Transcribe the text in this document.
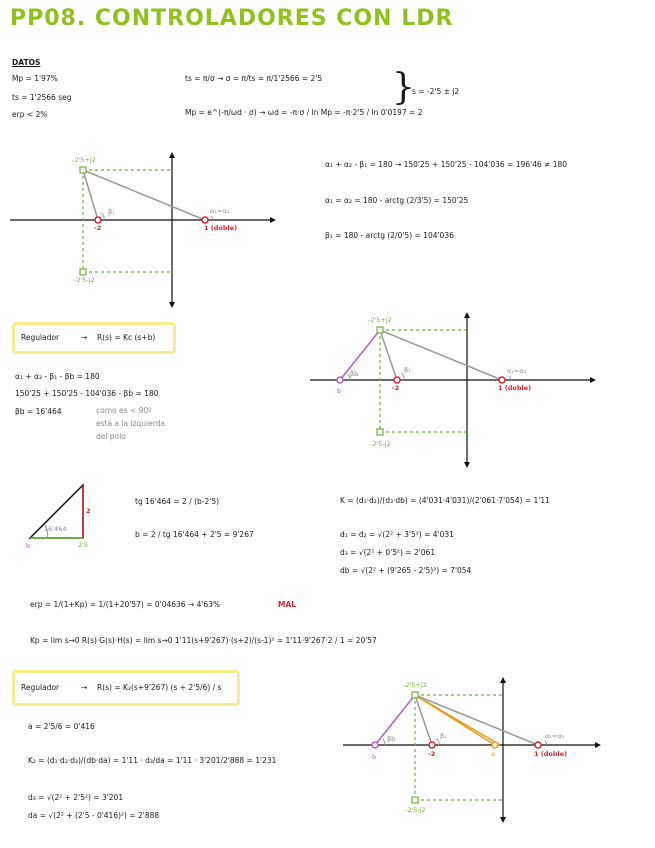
PP08. CONTROLADORES CON LDR
DATOS
Mp = 1'97%
ts = 1'2566 seg
erp < 2%
ts = π/σ → σ = π/ts = π/1'2566 = 2'5
Mp = e^(-π/ωd · σ) → ωd = -π·σ / ln Mp = -π·2'5 / ln 0'0197 = 2
}
s = -2'5 ± j2
-2'5+j2
-2'5-j2
-2	1 (doble)
β₁	α₁=α₂
α₁ + α₂ - β₁ = 180 → 150'25 + 150'25 - 104'036 = 196'46 ≠ 180
α₁ = α₂ = 180 - arctg (2/3'5) = 150'25
β₁ = 180 - arctg (2/0'5) = 104'036
Regulador	→ R(s) = Kc (s+b)
α₁ + α₂ - β₁ - βb = 180
150'25 + 150'25 - 104'036 - βb = 180
βb = 16'464	como es < 90º
está a la izquierda
del polo
-2'5+j2
-2'5-j2
-2	1 (doble)
b
βb	β₁	α₁=α₂
16'464
2
2'5
b
tg 16'464 = 2 / (b-2'5)
b = 2 / tg 16'464 + 2'5 = 9'267
K = (d₁·d₂)/(d₃·db) = (4'031·4'031)/(2'061·7'054) = 1'11
d₁ = d₂ = √(2² + 3'5²) = 4'031
d₃ = √(2² + 0'5²) = 2'061
db = √(2² + (9'265 - 2'5)²) = 7'054
erp = 1/(1+Kp) = 1/(1+20'57) = 0'04636 → 4'63%	MAL
Kp = lim s→0 R(s)·G(s)·H(s) = lim s→0 1'11(s+9'267)·(s+2)/(s-1)² = 1'11·9'267·2 / 1 = 20'57
Regulador	→ R(s) = K₂(s+9'267) (s + 2'5/6) / s
a = 2'5/6 = 0'416
K₂ = (d₁·d₂·d₃)/(db·da) = 1'11 · d₃/da = 1'11 · 3'201/2'888 = 1'231
d₃ = √(2² + 2'5²) = 3'201
da = √(2² + (2'5 - 0'416)²) = 2'888
-2'5+j2
-2'5-j2
-2	a	1 (doble)
b
βb	β₁	α₁=α₂
